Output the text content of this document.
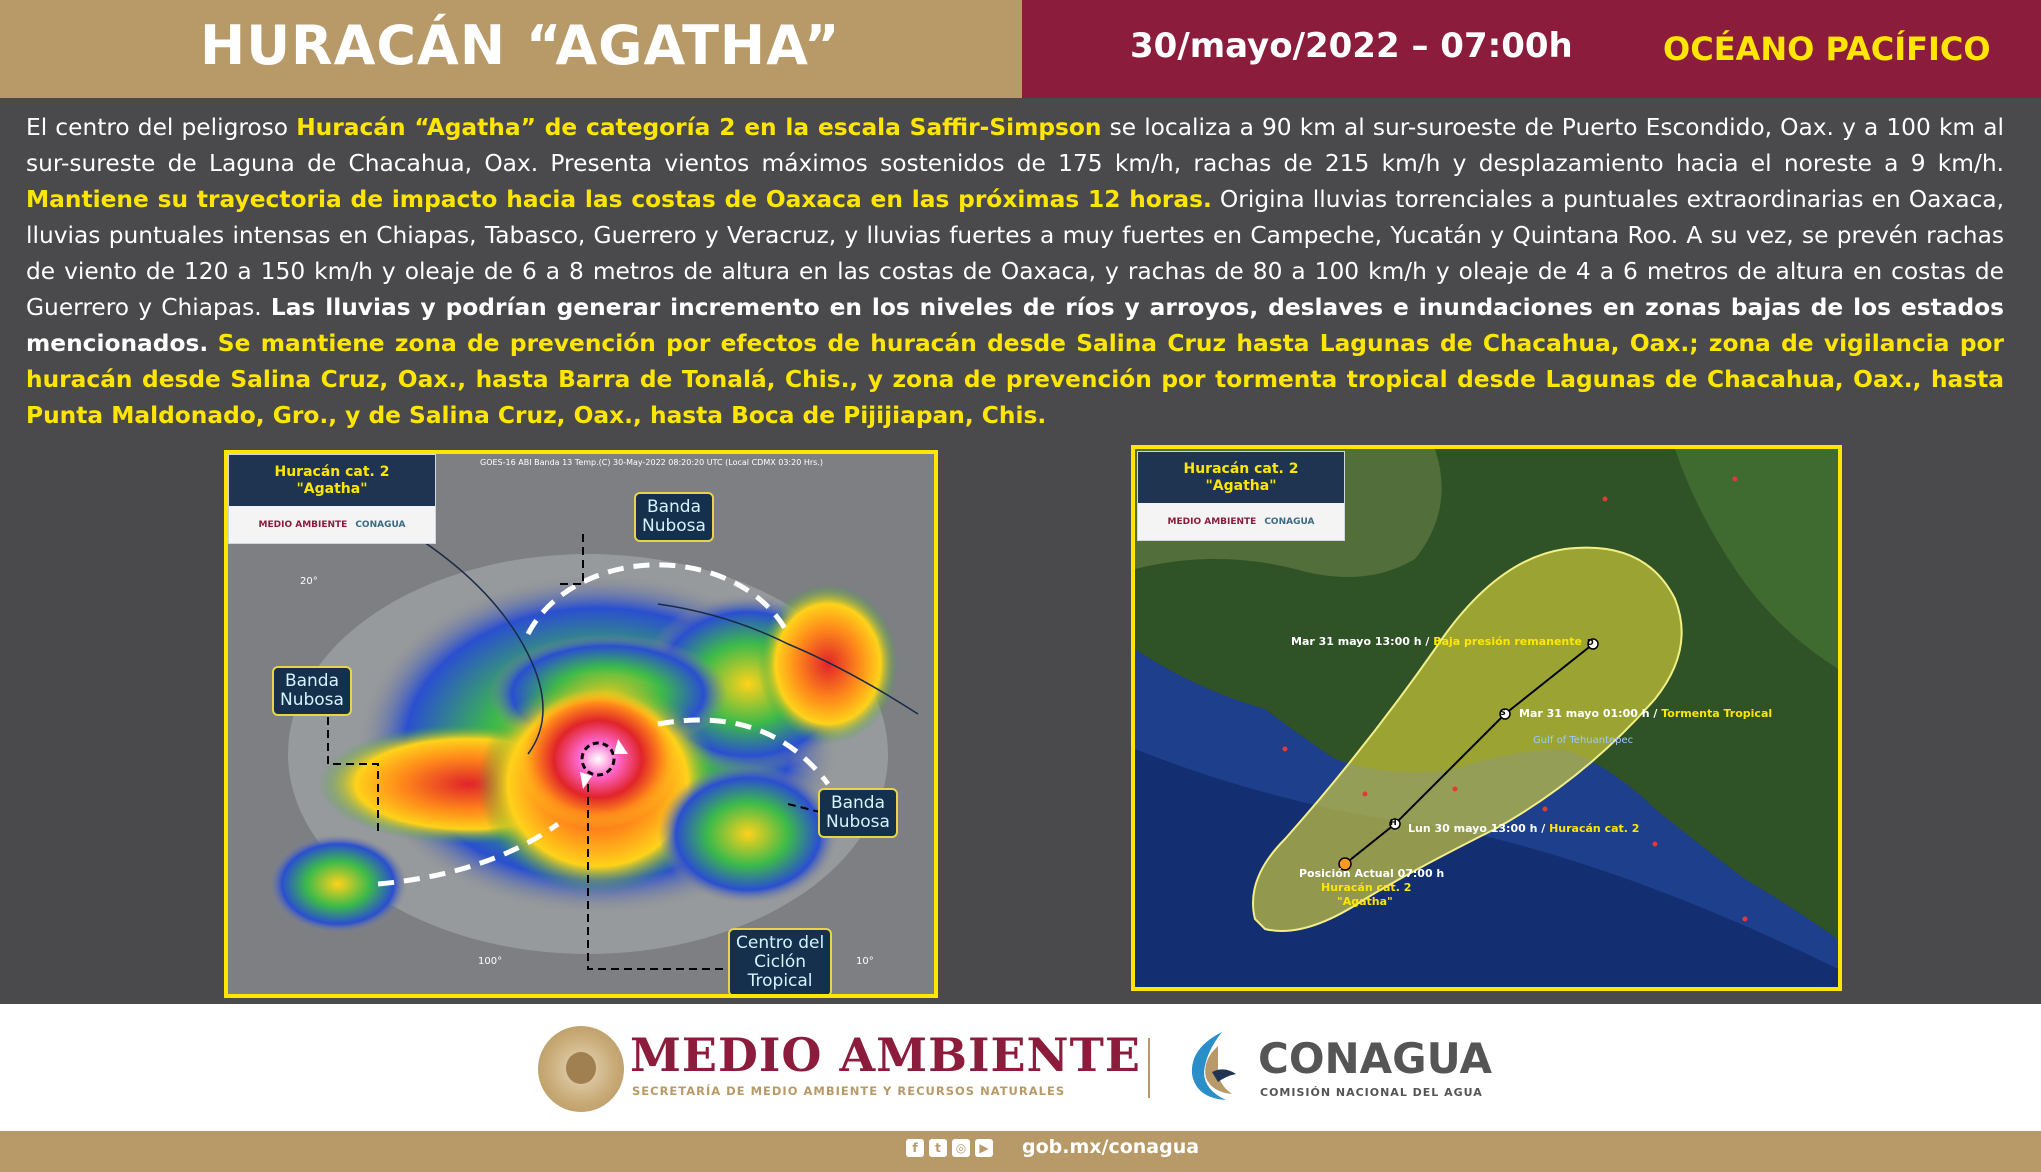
HURACÁN “AGATHA”	30/mayo/2022 – 07:00h	OCÉANO PACÍFICO
El centro del peligroso Huracán “Agatha” de categoría 2 en la escala Saffir-Simpson se localiza a 90 km al sur-suroeste de Puerto Escondido, Oax. y a 100 km al sur-sureste de Laguna de Chacahua, Oax. Presenta vientos máximos sostenidos de 175 km/h, rachas de 215 km/h y desplazamiento hacia el noreste a 9 km/h. Mantiene su trayectoria de impacto hacia las costas de Oaxaca en las próximas 12 horas. Origina lluvias torrenciales a puntuales extraordinarias en Oaxaca, lluvias puntuales intensas en Chiapas, Tabasco, Guerrero y Veracruz, y lluvias fuertes a muy fuertes en Campeche, Yucatán y Quintana Roo. A su vez, se prevén rachas de viento de 120 a 150 km/h y oleaje de 6 a 8 metros de altura en las costas de Oaxaca, y rachas de 80 a 100 km/h y oleaje de 4 a 6 metros de altura en costas de Guerrero y Chiapas. Las lluvias y podrían generar incremento en los niveles de ríos y arroyos, deslaves e inundaciones en zonas bajas de los estados mencionados. Se mantiene zona de prevención por efectos de huracán desde Salina Cruz hasta Lagunas de Chacahua, Oax.; zona de vigilancia por huracán desde Salina Cruz, Oax., hasta Barra de Tonalá, Chis., y zona de prevención por tormenta tropical desde Lagunas de Chacahua, Oax., hasta Punta Maldonado, Gro., y de Salina Cruz, Oax., hasta Boca de Pijijiapan, Chis.
Huracán cat. 2
"Agatha"
MEDIO AMBIENTE CONAGUA
GOES-16 ABI Banda 13 Temp.(C) 30-May-2022 08:20:20 UTC (Local CDMX 03:20 Hrs.)
Banda
Nubosa
Banda
Nubosa
Banda
Nubosa
Centro del
Ciclón
Tropical
20°
100°	10°
Huracán cat. 2
"Agatha"
MEDIO AMBIENTE CONAGUA
D
S
H
Mar 31 mayo 13:00 h / Baja presión remanente
Mar 31 mayo 01:00 h / Tormenta Tropical
Lun 30 mayo 13:00 h / Huracán cat. 2
Gulf of Tehuantepec
Posición Actual 07:00 h
Huracán cat. 2
"Agatha"
MEDIO AMBIENTE
SECRETARÍA DE MEDIO AMBIENTE Y RECURSOS NATURALES
CONAGUA
COMISIÓN NACIONAL DEL AGUA
f	t	◎	▶ gob.mx/conagua
